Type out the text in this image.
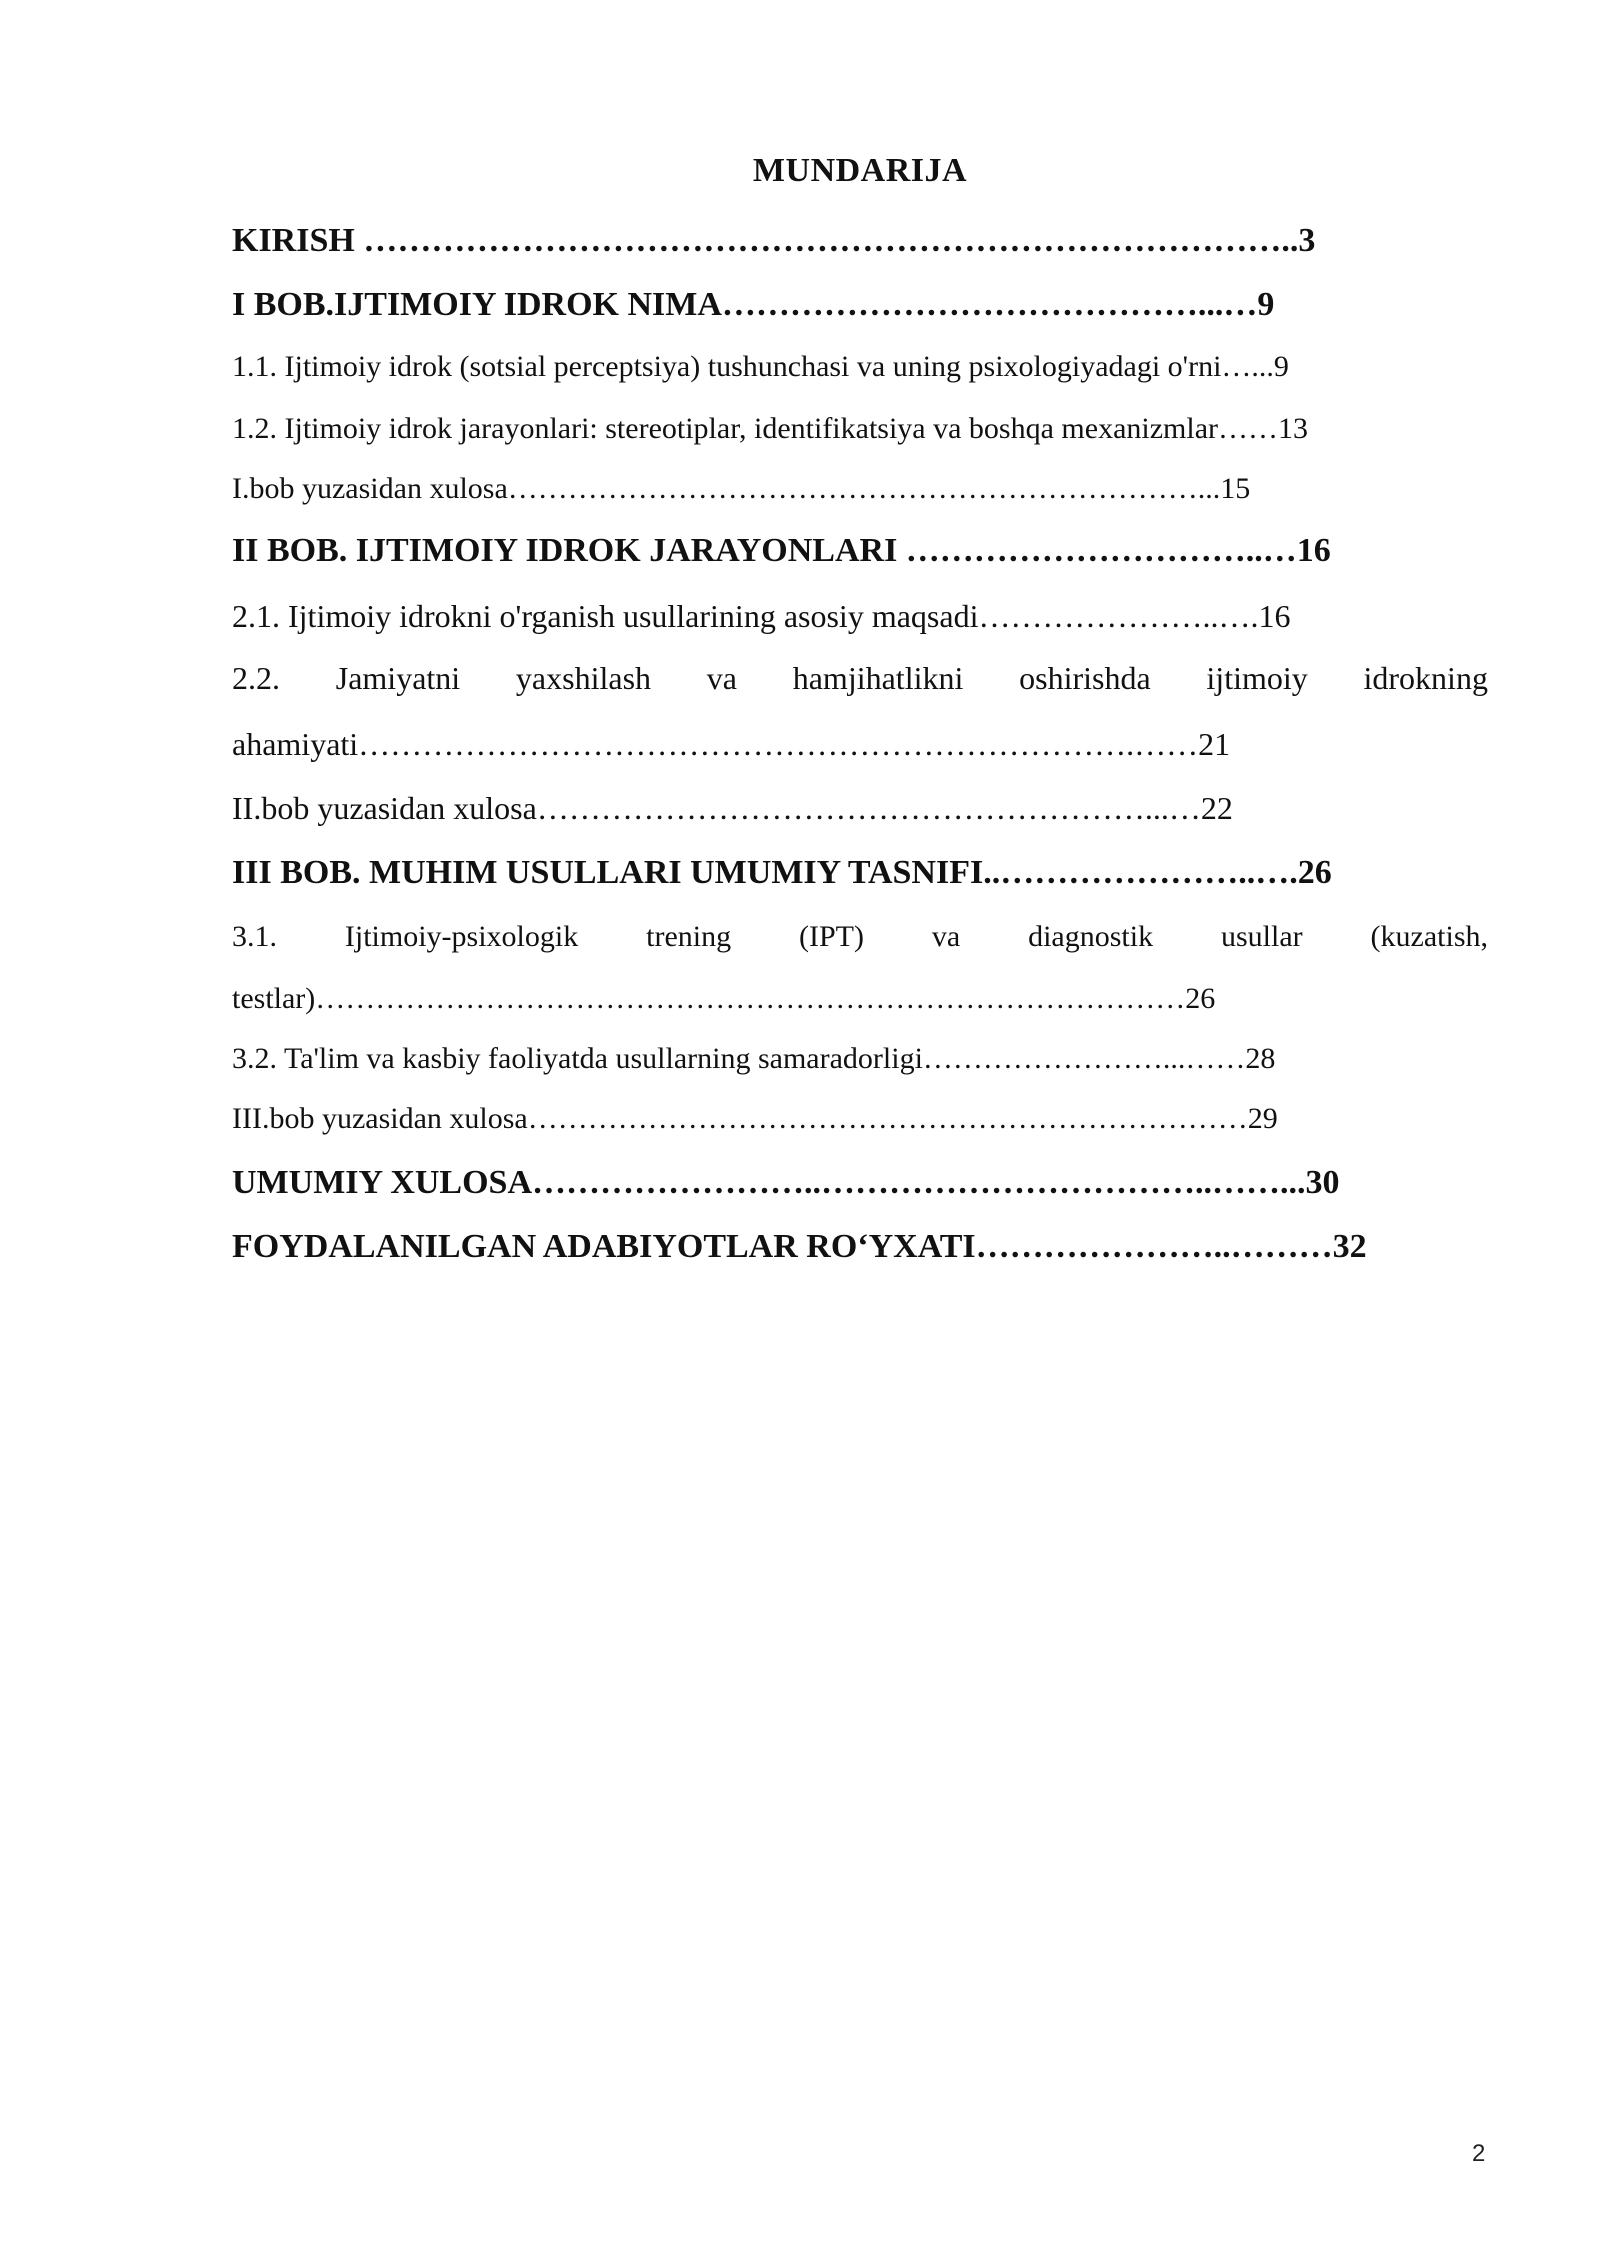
MUNDARIJA
KIRISH ………………………………………………………………………..3
I BOB.IJTIMOIY IDROK NIMA……………………………………...…9
1.1. Ijtimoiy idrok (sotsial perceptsiya) tushunchasi va uning psixologiyadagi o'rni…...9
1.2. Ijtimoiy idrok jarayonlari: stereotiplar, identifikatsiya va boshqa mexanizmlar……13
I.bob yuzasidan xulosa……………………………………………………………...15
II BOB. IJTIMOIY IDROK JARAYONLARI …………………………..…16
2.1. Ijtimoiy idrokni o'rganish usullarining asosiy maqsadi…………………..….16
2.2. Jamiyatni yaxshilash va hamjihatlikni oshirishda ijtimoiy idrokning
ahamiyati……………………………………………………………….……21
II.bob yuzasidan xulosa…………………………………………………...…22
III BOB. MUHIM USULLARI UMUMIY TASNIFI..…………………..….26
3.1. Ijtimoiy-psixologik trening (IPT) va diagnostik usullar (kuzatish,
testlar)……………………………………………………………………………26
3.2. Ta'lim va kasbiy faoliyatda usullarning samaradorligi……………………...……28
III.bob yuzasidan xulosa………………………………………………………………29
UMUMIY XULOSA……………………..……………………………..……...30
FOYDALANILGAN ADABIYOTLAR RO‘YXATI…………………..………32
2
